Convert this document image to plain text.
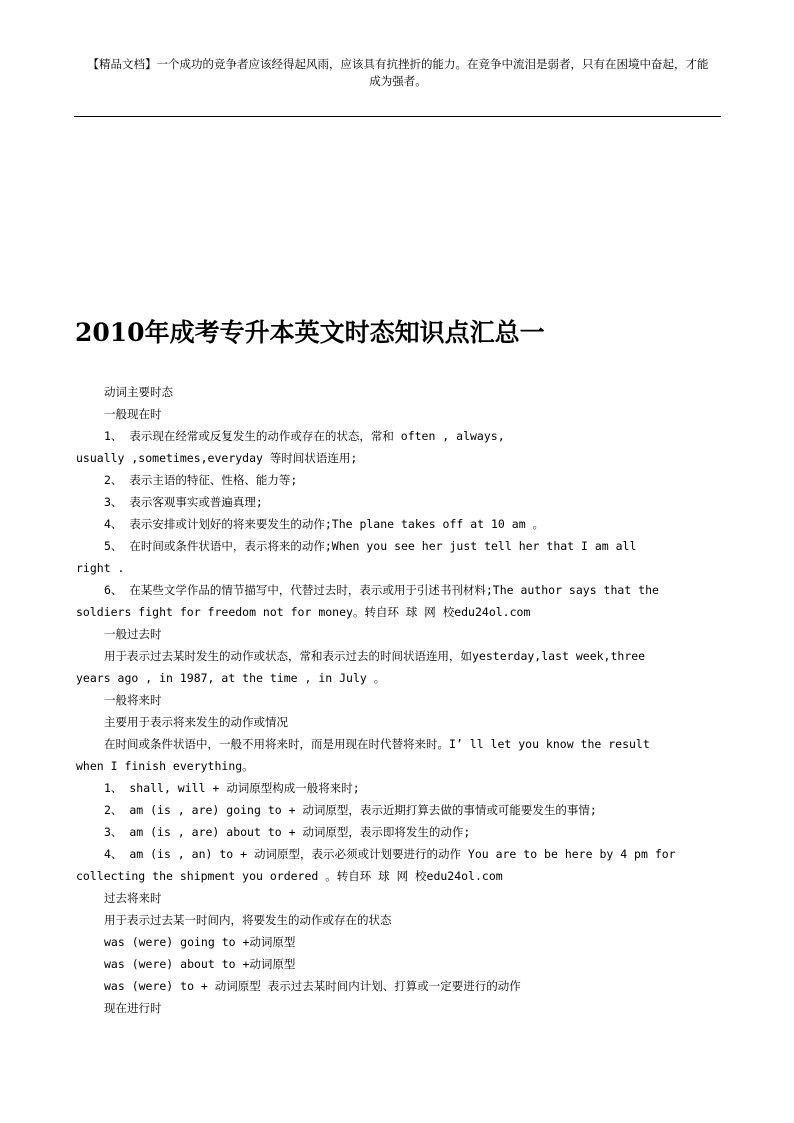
【精品文档】一个成功的竞争者应该经得起风雨，应该具有抗挫折的能力。在竞争中流泪是弱者，只有在困境中奋起，才能
成为强者。
2010年成考专升本英文时态知识点汇总一
动词主要时态
一般现在时
1、 表示现在经常或反复发生的动作或存在的状态，常和 often , always,
usually ,sometimes,everyday 等时间状语连用;
2、 表示主语的特征、性格、能力等;
3、 表示客观事实或普遍真理;
4、 表示安排或计划好的将来要发生的动作;The plane takes off at 10 am 。
5、 在时间或条件状语中，表示将来的动作;When you see her just tell her that I am all
right .
6、 在某些文学作品的情节描写中，代替过去时，表示或用于引述书刊材料;The author says that the
soldiers fight for freedom not for money。转自环 球 网 校edu24ol.com
一般过去时
用于表示过去某时发生的动作或状态，常和表示过去的时间状语连用，如yesterday,last week,three
years ago , in 1987, at the time , in July 。
一般将来时
主要用于表示将来发生的动作或情况
在时间或条件状语中，一般不用将来时，而是用现在时代替将来时。I’ ll let you know the result
when I finish everything。
1、 shall, will + 动词原型构成一般将来时;
2、 am (is , are) going to + 动词原型，表示近期打算去做的事情或可能要发生的事情;
3、 am (is , are) about to + 动词原型，表示即将发生的动作;
4、 am (is , an) to + 动词原型，表示必须或计划要进行的动作 You are to be here by 4 pm for
collecting the shipment you ordered 。转自环 球 网 校edu24ol.com
过去将来时
用于表示过去某一时间内，将要发生的动作或存在的状态
was (were) going to +动词原型
was (were) about to +动词原型
was (were) to + 动词原型 表示过去某时间内计划、打算或一定要进行的动作
现在进行时
